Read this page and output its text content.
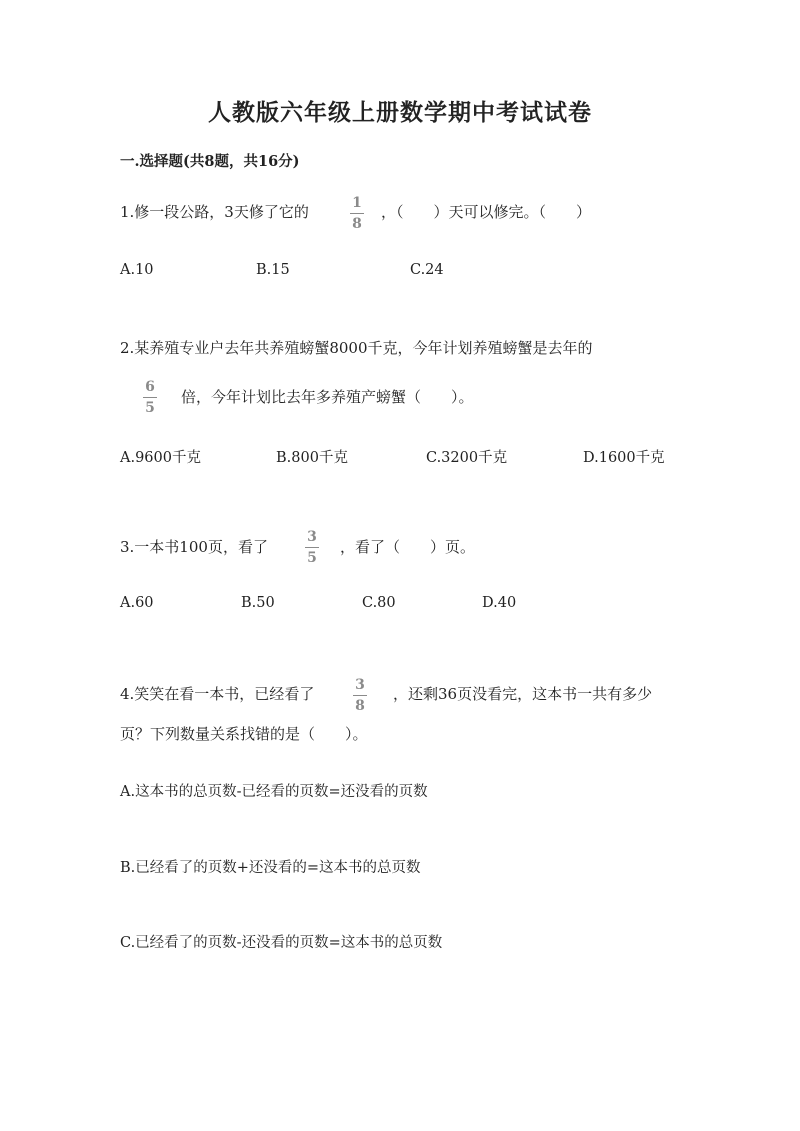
人教版六年级上册数学期中考试试卷
一.选择题(共8题，共16分)
1.修一段公路，3天修了它的	1
8
，（　　）天可以修完。（　　）
A.10	B.15	C.24
2.某养殖专业户去年共养殖螃蟹8000千克，今年计划养殖螃蟹是去年的
6
5
倍，今年计划比去年多养殖产螃蟹（　　）。
A.9600千克	B.800千克	C.3200千克	D.1600千克
3.一本书100页，看了
3
5
，看了（　　）页。
A.60	B.50	C.80	D.40
4.笑笑在看一本书，已经看了	3
8
，还剩36页没看完，这本书一共有多少
页？下列数量关系找错的是（　　）。
A.这本书的总页数-已经看的页数=还没看的页数
B.已经看了的页数+还没看的=这本书的总页数
C.已经看了的页数-还没看的页数=这本书的总页数
